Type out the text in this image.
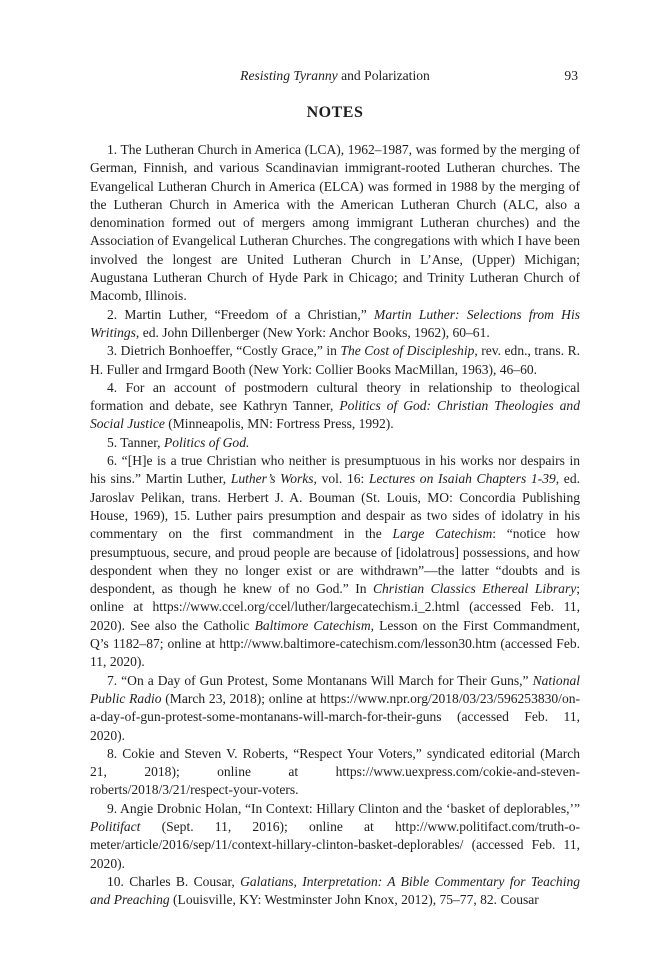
Resisting Tyranny and Polarization	93
NOTES

1. The Lutheran Church in America (LCA), 1962–1987, was formed by the merging of German, Finnish, and various Scandinavian immigrant-rooted Lutheran churches. The Evangelical Lutheran Church in America (ELCA) was formed in 1988 by the merging of the Lutheran Church in America with the American Lutheran Church (ALC, also a denomination formed out of mergers among immigrant Lutheran churches) and the Association of Evangelical Lutheran Churches. The congregations with which I have been involved the longest are United Lutheran Church in L’Anse, (Upper) Michigan; Augustana Lutheran Church of Hyde Park in Chicago; and Trinity Lutheran Church of Macomb, Illinois.

2. Martin Luther, “Freedom of a Christian,” Martin Luther: Selections from His Writings, ed. John Dillenberger (New York: Anchor Books, 1962), 60–61.

3. Dietrich Bonhoeffer, “Costly Grace,” in The Cost of Discipleship, rev. edn., trans. R. H. Fuller and Irmgard Booth (New York: Collier Books MacMillan, 1963), 46–60.

4. For an account of postmodern cultural theory in relationship to theological formation and debate, see Kathryn Tanner, Politics of God: Christian Theologies and Social Justice (Minneapolis, MN: Fortress Press, 1992).

5. Tanner, Politics of God.

6. “[H]e is a true Christian who neither is presumptuous in his works nor despairs in his sins.” Martin Luther, Luther’s Works, vol. 16: Lectures on Isaiah Chapters 1-39, ed. Jaroslav Pelikan, trans. Herbert J. A. Bouman (St. Louis, MO: Concordia Publishing House, 1969), 15. Luther pairs presumption and despair as two sides of idolatry in his commentary on the first commandment in the Large Catechism: “notice how presumptuous, secure, and proud people are because of [idolatrous] possessions, and how despondent when they no longer exist or are withdrawn”—the latter “doubts and is despondent, as though he knew of no God.” In Christian Classics Ethereal Library; online at https://www.ccel.org/ccel/luther/largecatechism.i_2.html (accessed Feb. 11, 2020). See also the Catholic Baltimore Catechism, Lesson on the First Commandment, Q’s 1182–87; online at http://www.baltimore-catechism.com/lesson30.htm (accessed Feb. 11, 2020).

7. “On a Day of Gun Protest, Some Montanans Will March for Their Guns,” National Public Radio (March 23, 2018); online at https://www.npr.org/2018/03/23/596253830/on-a-day-of-gun-protest-some-montanans-will-march-for-their-guns (accessed Feb. 11, 2020).

8. Cokie and Steven V. Roberts, “Respect Your Voters,” syndicated editorial (March 21, 2018); online at https://www.uexpress.com/cokie-and-steven-roberts/2018/3/21/respect-your-voters.

9. Angie Drobnic Holan, “In Context: Hillary Clinton and the ‘basket of deplorables,’” Politifact (Sept. 11, 2016); online at http://www.politifact.com/truth-o-meter/article/2016/sep/11/context-hillary-clinton-basket-deplorables/ (accessed Feb. 11, 2020).

10. Charles B. Cousar, Galatians, Interpretation: A Bible Commentary for Teaching and Preaching (Louisville, KY: Westminster John Knox, 2012), 75–77, 82. Cousar
